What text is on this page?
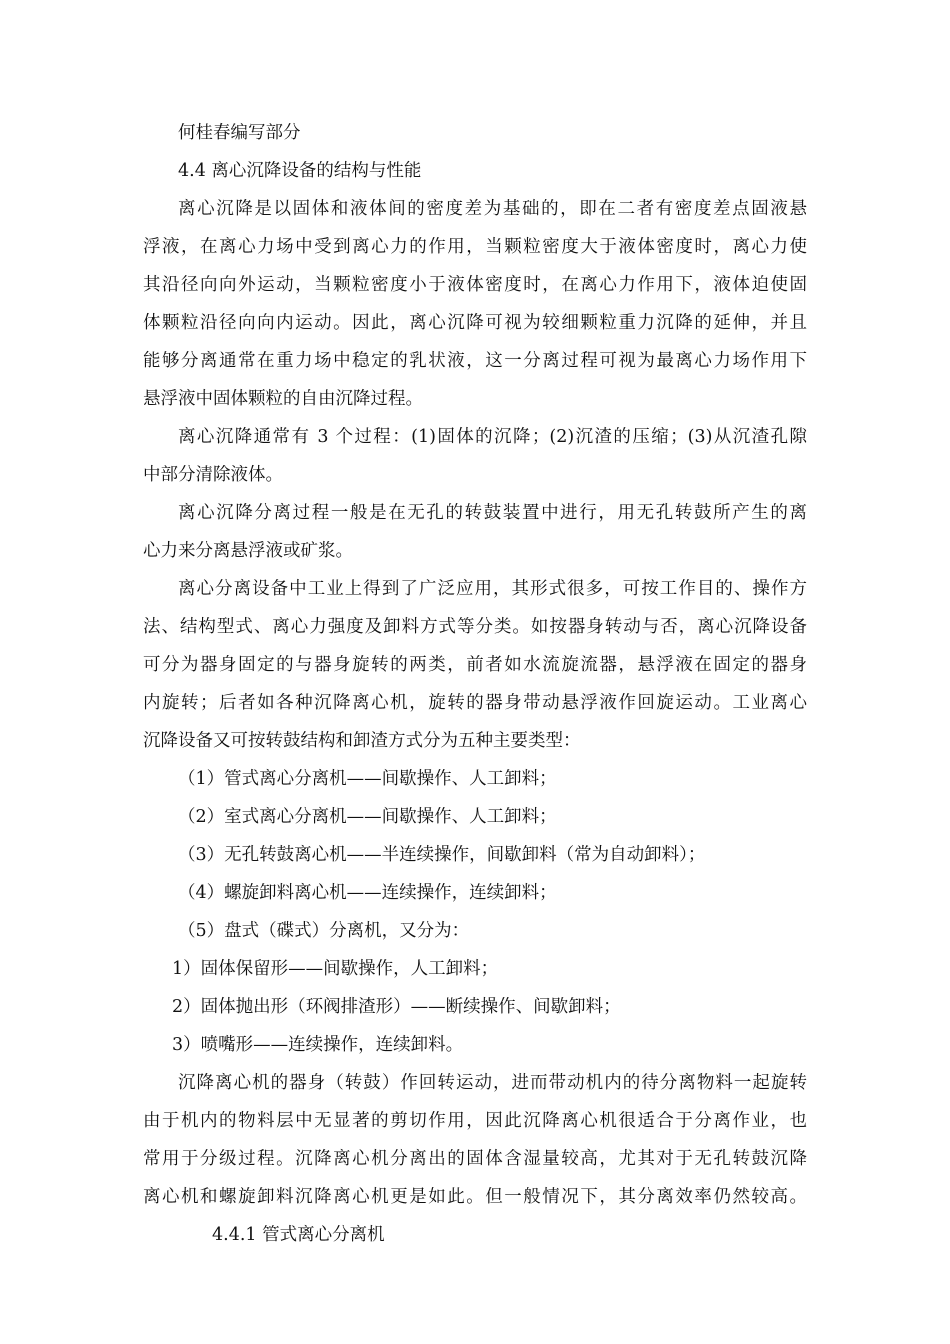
何桂春编写部分
4.4 离心沉降设备的结构与性能
离心沉降是以固体和液体间的密度差为基础的，即在二者有密度差点固液悬
浮液，在离心力场中受到离心力的作用，当颗粒密度大于液体密度时，离心力使
其沿径向向外运动，当颗粒密度小于液体密度时，在离心力作用下，液体迫使固
体颗粒沿径向向内运动。因此，离心沉降可视为较细颗粒重力沉降的延伸，并且
能够分离通常在重力场中稳定的乳状液，这一分离过程可视为最离心力场作用下
悬浮液中固体颗粒的自由沉降过程。
离心沉降通常有 3 个过程：(1)固体的沉降；(2)沉渣的压缩；(3)从沉渣孔隙
中部分清除液体。
离心沉降分离过程一般是在无孔的转鼓装置中进行，用无孔转鼓所产生的离
心力来分离悬浮液或矿浆。
离心分离设备中工业上得到了广泛应用，其形式很多，可按工作目的、操作方
法、结构型式、离心力强度及卸料方式等分类。如按器身转动与否，离心沉降设备
可分为器身固定的与器身旋转的两类，前者如水流旋流器，悬浮液在固定的器身
内旋转；后者如各种沉降离心机，旋转的器身带动悬浮液作回旋运动。工业离心
沉降设备又可按转鼓结构和卸渣方式分为五种主要类型：
（1）管式离心分离机——间歇操作、人工卸料；
（2）室式离心分离机——间歇操作、人工卸料；
（3）无孔转鼓离心机——半连续操作，间歇卸料（常为自动卸料）；
（4）螺旋卸料离心机——连续操作，连续卸料；
（5）盘式（碟式）分离机，又分为：
1）固体保留形——间歇操作，人工卸料；
2）固体抛出形（环阀排渣形）——断续操作、间歇卸料；
3）喷嘴形——连续操作，连续卸料。
沉降离心机的器身（转鼓）作回转运动，进而带动机内的待分离物料一起旋转
由于机内的物料层中无显著的剪切作用，因此沉降离心机很适合于分离作业，也
常用于分级过程。沉降离心机分离出的固体含湿量较高，尤其对于无孔转鼓沉降
离心机和螺旋卸料沉降离心机更是如此。但一般情况下，其分离效率仍然较高。
4.4.1 管式离心分离机
